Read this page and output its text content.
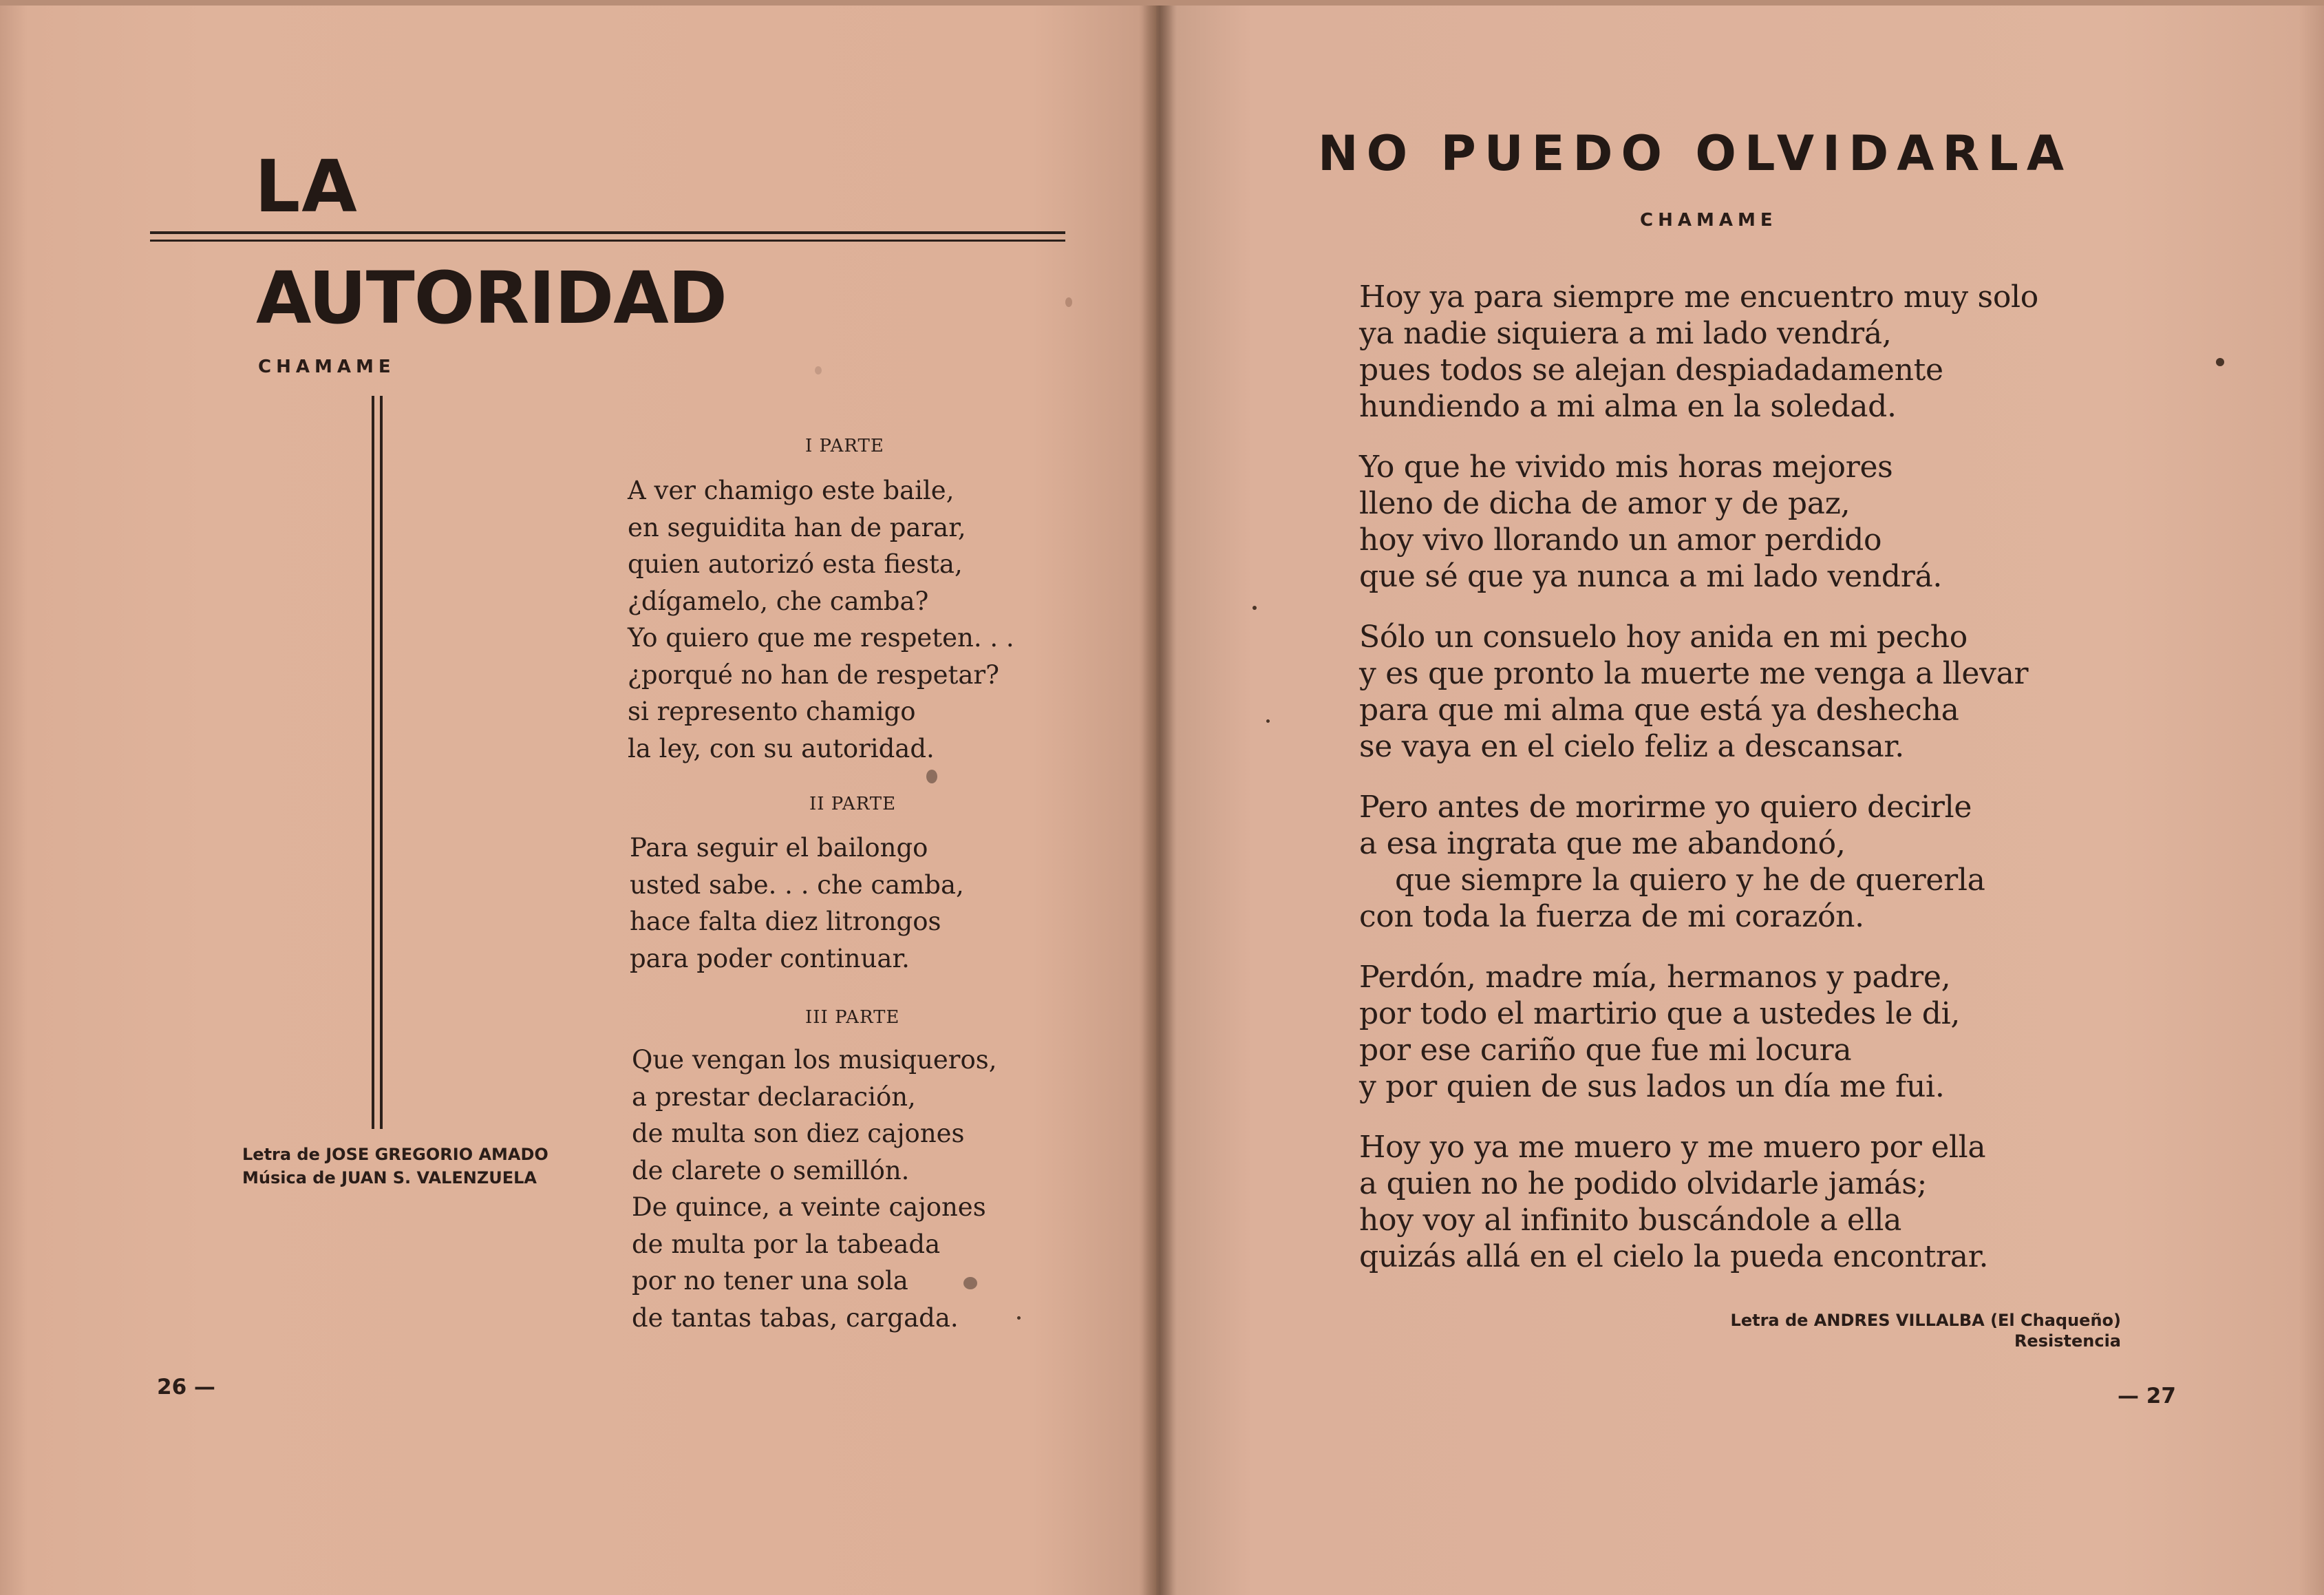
LA
AUTORIDAD
CHAMAME
I PARTE
A ver chamigo este baile,
en seguidita han de parar,
quien autorizó esta fiesta,
¿dígamelo, che camba?
Yo quiero que me respeten. . .
¿porqué no han de respetar?
si represento chamigo
la ley, con su autoridad.
II PARTE
Para seguir el bailongo
usted sabe. . . che camba,
hace falta diez litrongos
para poder continuar.
III PARTE
Que vengan los musiqueros,
a prestar declaración,
de multa son diez cajones
de clarete o semillón.
De quince, a veinte cajones
de multa por la tabeada
por no tener una sola
de tantas tabas, cargada.
Letra de JOSE GREGORIO AMADO
Música de JUAN S. VALENZUELA
26 —
NO PUEDO OLVIDARLA
CHAMAME
Hoy ya para siempre me encuentro muy solo
ya nadie siquiera a mi lado vendrá,
pues todos se alejan despiadadamente
hundiendo a mi alma en la soledad.
Yo que he vivido mis horas mejores
lleno de dicha de amor y de paz,
hoy vivo llorando un amor perdido
que sé que ya nunca a mi lado vendrá.
Sólo un consuelo hoy anida en mi pecho
y es que pronto la muerte me venga a llevar
para que mi alma que está ya deshecha
se vaya en el cielo feliz a descansar.
Pero antes de morirme yo quiero decirle
a esa ingrata que me abandonó,
que siempre la quiero y he de quererla
con toda la fuerza de mi corazón.
Perdón, madre mía, hermanos y padre,
por todo el martirio que a ustedes le di,
por ese cariño que fue mi locura
y por quien de sus lados un día me fui.
Hoy yo ya me muero y me muero por ella
a quien no he podido olvidarle jamás;
hoy voy al infinito buscándole a ella
quizás allá en el cielo la pueda encontrar.
Letra de ANDRES VILLALBA (El Chaqueño)
Resistencia
— 27
